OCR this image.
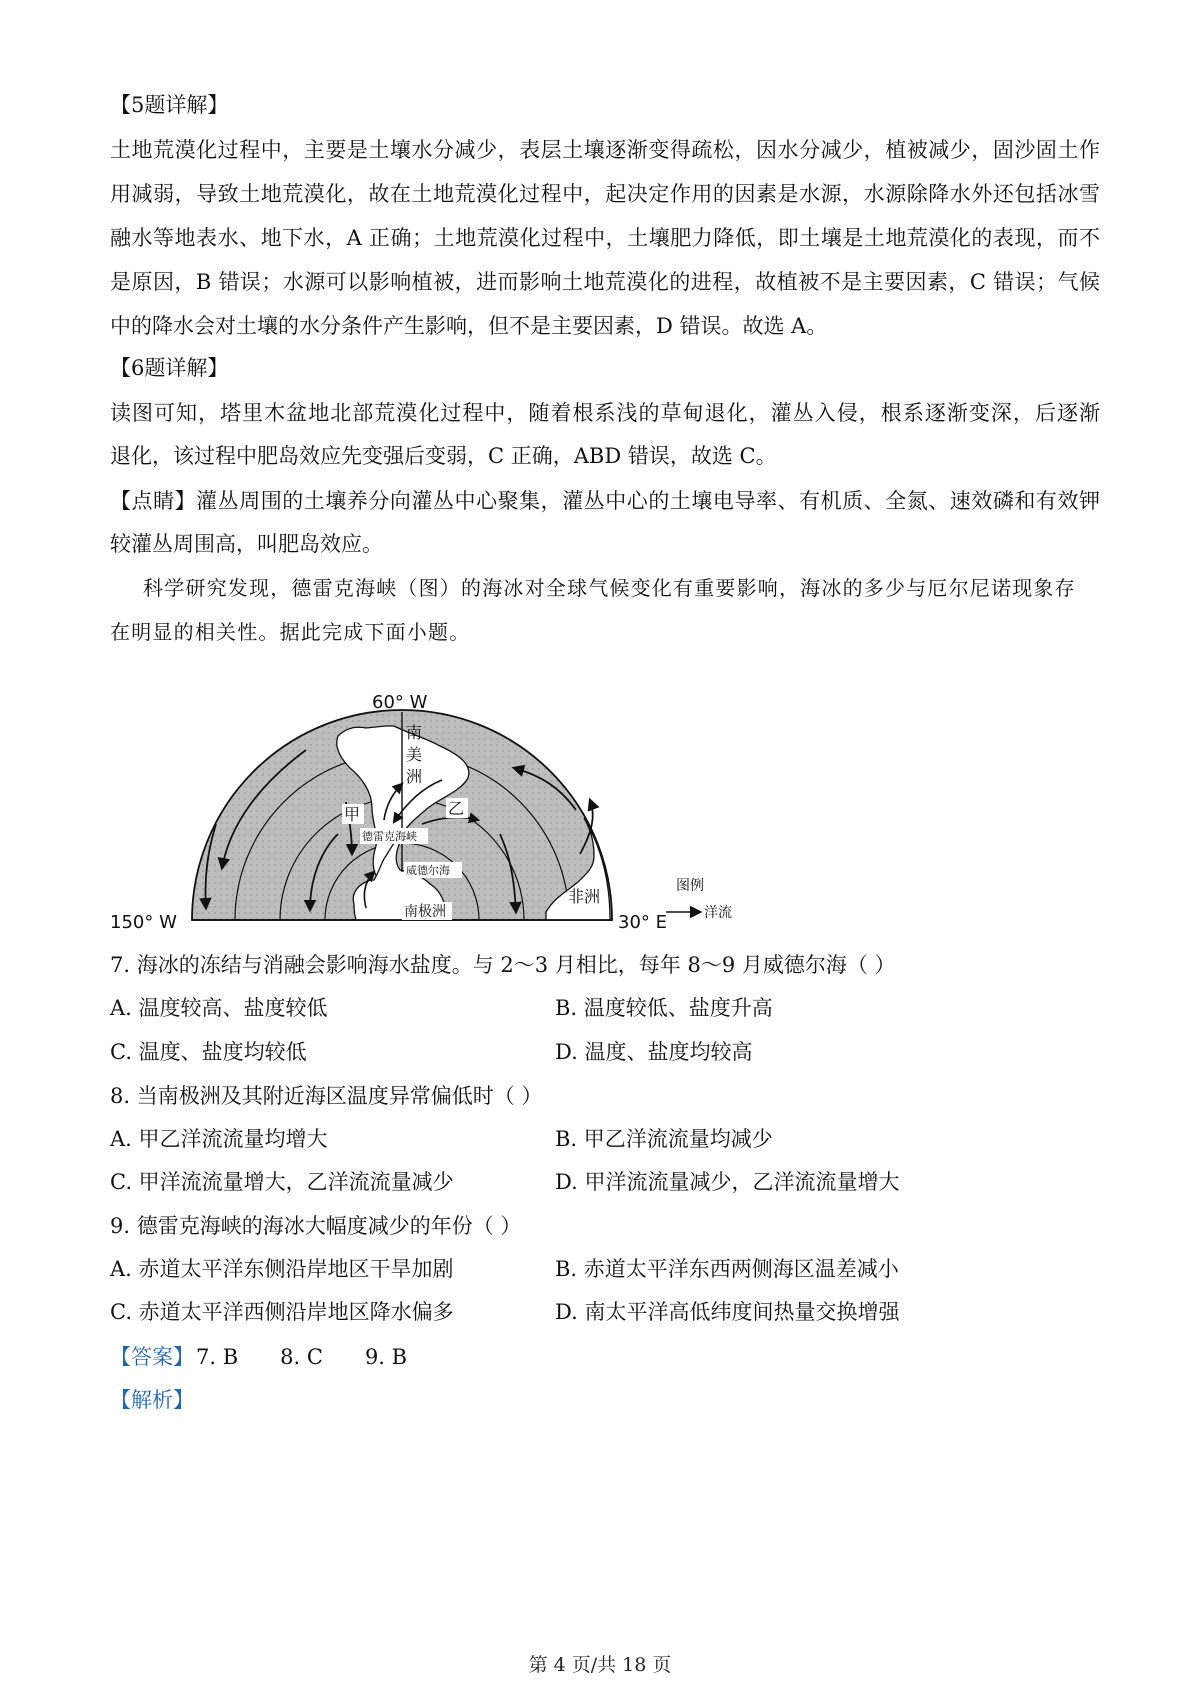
【5题详解】
土地荒漠化过程中，主要是土壤水分减少，表层土壤逐渐变得疏松，因水分减少，植被减少，固沙固土作
用减弱，导致土地荒漠化，故在土地荒漠化过程中，起决定作用的因素是水源，水源除降水外还包括冰雪
融水等地表水、地下水，A 正确；土地荒漠化过程中，土壤肥力降低，即土壤是土地荒漠化的表现，而不
是原因，B 错误；水源可以影响植被，进而影响土地荒漠化的进程，故植被不是主要因素，C 错误；气候
中的降水会对土壤的水分条件产生影响，但不是主要因素，D 错误。故选 A。
【6题详解】
读图可知，塔里木盆地北部荒漠化过程中，随着根系浅的草甸退化，灌丛入侵，根系逐渐变深，后逐渐
退化，该过程中肥岛效应先变强后变弱，C 正确，ABD 错误，故选 C。
【点睛】灌丛周围的土壤养分向灌丛中心聚集，灌丛中心的土壤电导率、有机质、全氮、速效磷和有效钾
较灌丛周围高，叫肥岛效应。
科学研究发现，德雷克海峡（图）的海冰对全球气候变化有重要影响，海冰的多少与厄尔尼诺现象存
在明显的相关性。据此完成下面小题。
60° W
150° W	30° E
南
美
洲
甲	乙
德雷克海峡
威德尔海
南极洲
非洲
图例
洋流
7. 海冰的冻结与消融会影响海水盐度。与 2～3 月相比，每年 8～9 月威德尔海（ ）
A. 温度较高、盐度较低	B. 温度较低、盐度升高
C. 温度、盐度均较低	D. 温度、盐度均较高
8. 当南极洲及其附近海区温度异常偏低时（ ）
A. 甲乙洋流流量均增大	B. 甲乙洋流流量均减少
C. 甲洋流流量增大，乙洋流流量减少	D. 甲洋流流量减少，乙洋流流量增大
9. 德雷克海峡的海冰大幅度减少的年份（ ）
A. 赤道太平洋东侧沿岸地区干旱加剧	B. 赤道太平洋东西两侧海区温差减小
C. 赤道太平洋西侧沿岸地区降水偏多	D. 南太平洋高低纬度间热量交换增强
【答案】7. B 8. C 9. B
【解析】
第 4 页/共 18 页
